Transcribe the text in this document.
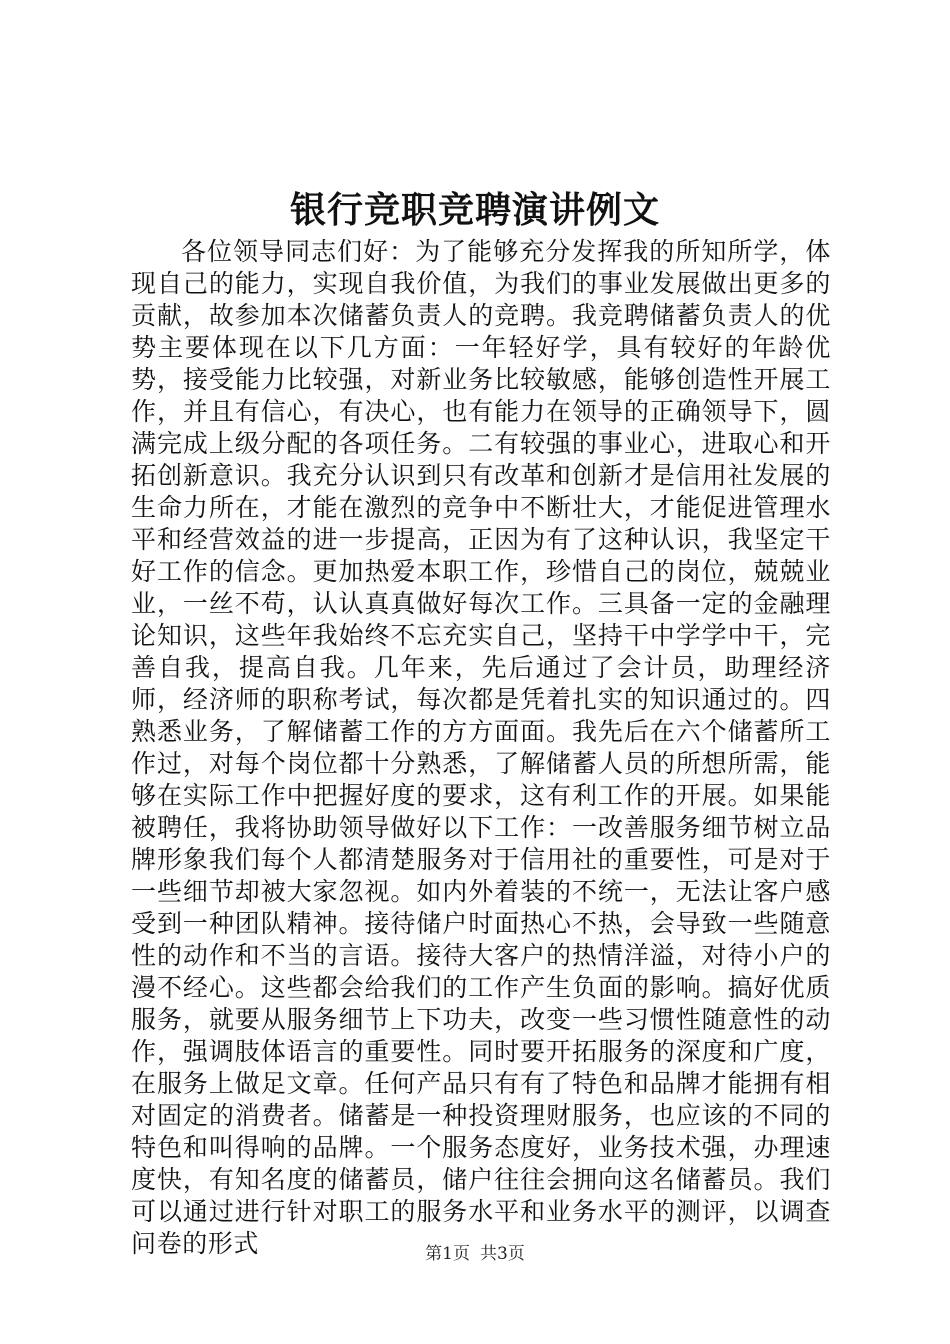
银行竞职竞聘演讲例文

各位领导同志们好：为了能够充分发挥我的所知所学，体现自己的能力，实现自我价值，为我们的事业发展做出更多的贡献，故参加本次储蓄负责人的竞聘。我竞聘储蓄负责人的优势主要体现在以下几方面：一年轻好学，具有较好的年龄优势，接受能力比较强，对新业务比较敏感，能够创造性开展工作，并且有信心，有决心，也有能力在领导的正确领导下，圆满完成上级分配的各项任务。二有较强的事业心，进取心和开拓创新意识。我充分认识到只有改革和创新才是信用社发展的生命力所在，才能在激烈的竞争中不断壮大，才能促进管理水平和经营效益的进一步提高，正因为有了这种认识，我坚定干好工作的信念。更加热爱本职工作，珍惜自己的岗位，兢兢业业，一丝不苟，认认真真做好每次工作。三具备一定的金融理论知识，这些年我始终不忘充实自己，坚持干中学学中干，完善自我，提高自我。几年来，先后通过了会计员，助理经济师，经济师的职称考试，每次都是凭着扎实的知识通过的。四熟悉业务，了解储蓄工作的方方面面。我先后在六个储蓄所工作过，对每个岗位都十分熟悉，了解储蓄人员的所想所需，能够在实际工作中把握好度的要求，这有利工作的开展。如果能被聘任，我将协助领导做好以下工作：一改善服务细节树立品牌形象我们每个人都清楚服务对于信用社的重要性，可是对于一些细节却被大家忽视。如内外着装的不统一，无法让客户感受到一种团队精神。接待储户时面热心不热，会导致一些随意性的动作和不当的言语。接待大客户的热情洋溢，对待小户的漫不经心。这些都会给我们的工作产生负面的影响。搞好优质服务，就要从服务细节上下功夫，改变一些习惯性随意性的动作，强调肢体语言的重要性。同时要开拓服务的深度和广度，在服务上做足文章。任何产品只有有了特色和品牌才能拥有相对固定的消费者。储蓄是一种投资理财服务，也应该的不同的特色和叫得响的品牌。一个服务态度好，业务技术强，办理速度快，有知名度的储蓄员，储户往往会拥向这名储蓄员。我们可以通过进行针对职工的服务水平和业务水平的测评，以调查问卷的形式	第1页 共3页
